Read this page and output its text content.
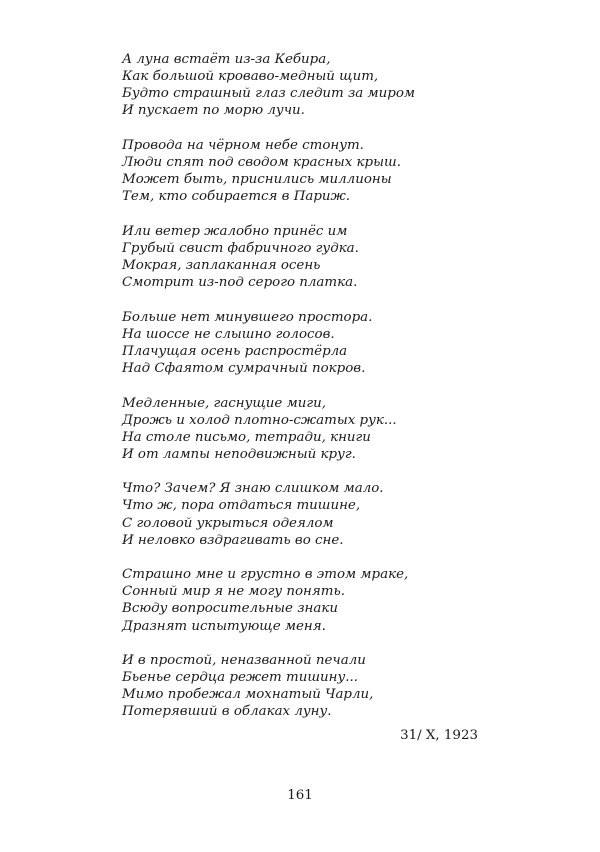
А луна встаёт из-за Кебира,
Как большой кроваво-медный щит,
Будто страшный глаз следит за миром
И пускает по морю лучи.
Провода на чёрном небе стонут.
Люди спят под сводом красных крыш.
Может быть, приснились миллионы
Тем, кто собирается в Париж.
Или ветер жалобно принёс им
Грубый свист фабричного гудка.
Мокрая, заплаканная осень
Смотрит из-под серого платка.
Больше нет минувшего простора.
На шоссе не слышно голосов.
Плачущая осень распростёрла
Над Сфаятом сумрачный покров.
Медленные, гаснущие миги,
Дрожь и холод плотно-сжатых рук...
На столе письмо, тетради, книги
И от лампы неподвижный круг.
Что? Зачем? Я знаю слишком мало.
Что ж, пора отдаться тишине,
С головой укрыться одеялом
И неловко вздрагивать во сне.
Страшно мне и грустно в этом мраке,
Сонный мир я не могу понять.
Всюду вопросительные знаки
Дразнят испытующе меня.
И в простой, неназванной печали
Бьенье сердца режет тишину...
Мимо пробежал мохнатый Чарли,
Потерявший в облаках луну.
31/ X, 1923
161
